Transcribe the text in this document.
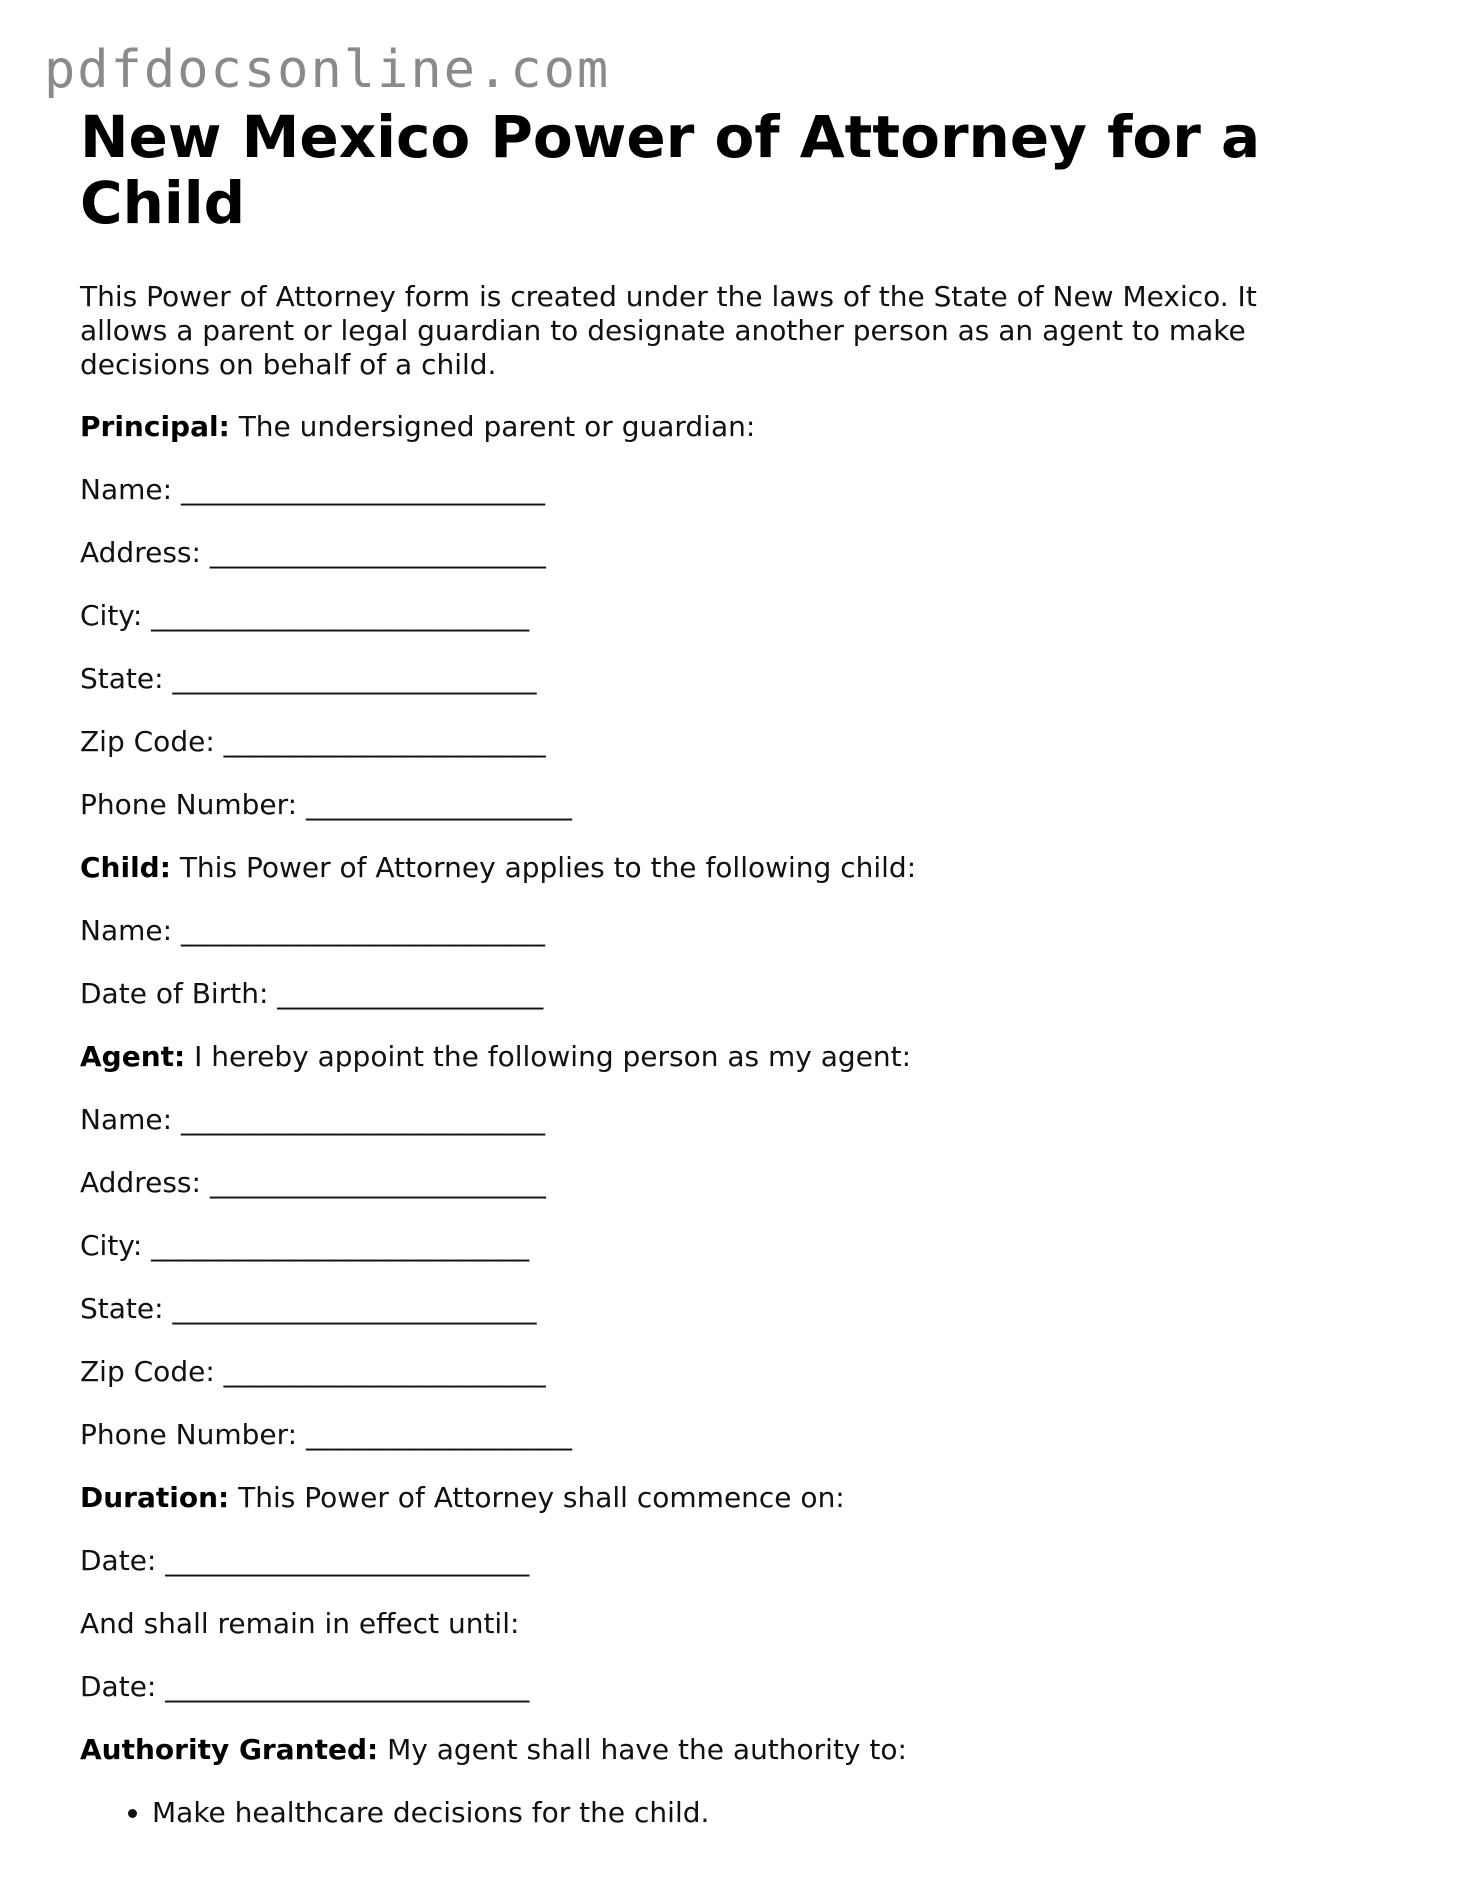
pdfdocsonline.com
New Mexico Power of Attorney for a Child

This Power of Attorney form is created under the laws of the State of New Mexico. It allows a parent or legal guardian to designate another person as an agent to make decisions on behalf of a child.

Principal: The undersigned parent or guardian:

Name: __________________________

Address: ________________________

City: ___________________________

State: __________________________

Zip Code: _______________________

Phone Number: ___________________

Child: This Power of Attorney applies to the following child:

Name: __________________________

Date of Birth: ___________________

Agent: I hereby appoint the following person as my agent:

Name: __________________________

Address: ________________________

City: ___________________________

State: __________________________

Zip Code: _______________________

Phone Number: ___________________

Duration: This Power of Attorney shall commence on:

Date: __________________________

And shall remain in effect until:

Date: __________________________

Authority Granted: My agent shall have the authority to:

• Make healthcare decisions for the child.
